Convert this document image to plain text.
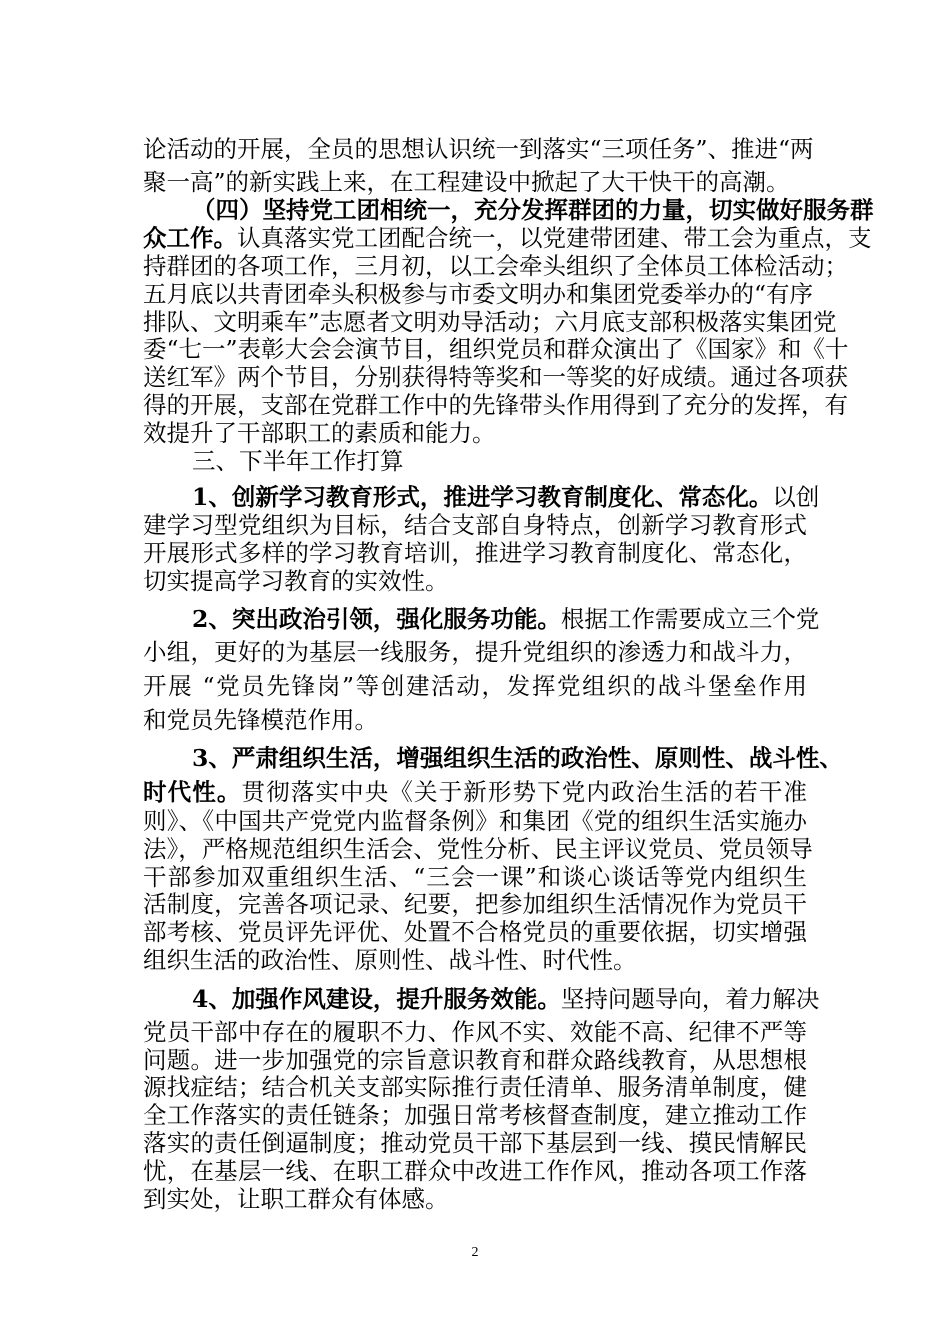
论活动的开展，全员的思想认识统一到落实“三项任务”、推进“两
聚一高”的新实践上来，在工程建设中掀起了大干快干的高潮。
（四）坚持党工团相统一，充分发挥群团的力量，切实做好服务群
众工作。认真落实党工团配合统一，以党建带团建、带工会为重点，支
持群团的各项工作，三月初，以工会牵头组织了全体员工体检活动；
五月底以共青团牵头积极参与市委文明办和集团党委举办的“有序
排队、文明乘车”志愿者文明劝导活动；六月底支部积极落实集团党
委“七一”表彰大会会演节目，组织党员和群众演出了《国家》和《十
送红军》两个节目，分别获得特等奖和一等奖的好成绩。通过各项获
得的开展，支部在党群工作中的先锋带头作用得到了充分的发挥，有
效提升了干部职工的素质和能力。
三、下半年工作打算
1、创新学习教育形式，推进学习教育制度化、常态化。以创
建学习型党组织为目标，结合支部自身特点，创新学习教育形式
开展形式多样的学习教育培训，推进学习教育制度化、常态化，
切实提高学习教育的实效性。
2、突出政治引领，强化服务功能。根据工作需要成立三个党
小组，更好的为基层一线服务，提升党组织的渗透力和战斗力，
开展 “党员先锋岗”等创建活动，发挥党组织的战斗堡垒作用
和党员先锋模范作用。
3、严肃组织生活，增强组织生活的政治性、原则性、战斗性、
时代性。贯彻落实中央《关于新形势下党内政治生活的若干准
则》、《中国共产党党内监督条例》和集团《党的组织生活实施办
法》，严格规范组织生活会、党性分析、民主评议党员、党员领导
干部参加双重组织生活、“三会一课”和谈心谈话等党内组织生
活制度，完善各项记录、纪要，把参加组织生活情况作为党员干
部考核、党员评先评优、处置不合格党员的重要依据，切实增强
组织生活的政治性、原则性、战斗性、时代性。
4、加强作风建设，提升服务效能。坚持问题导向，着力解决
党员干部中存在的履职不力、作风不实、效能不高、纪律不严等
问题。进一步加强党的宗旨意识教育和群众路线教育，从思想根
源找症结；结合机关支部实际推行责任清单、服务清单制度，健
全工作落实的责任链条；加强日常考核督查制度，建立推动工作
落实的责任倒逼制度；推动党员干部下基层到一线、摸民情解民
忧，在基层一线、在职工群众中改进工作作风，推动各项工作落
到实处，让职工群众有体感。
2
